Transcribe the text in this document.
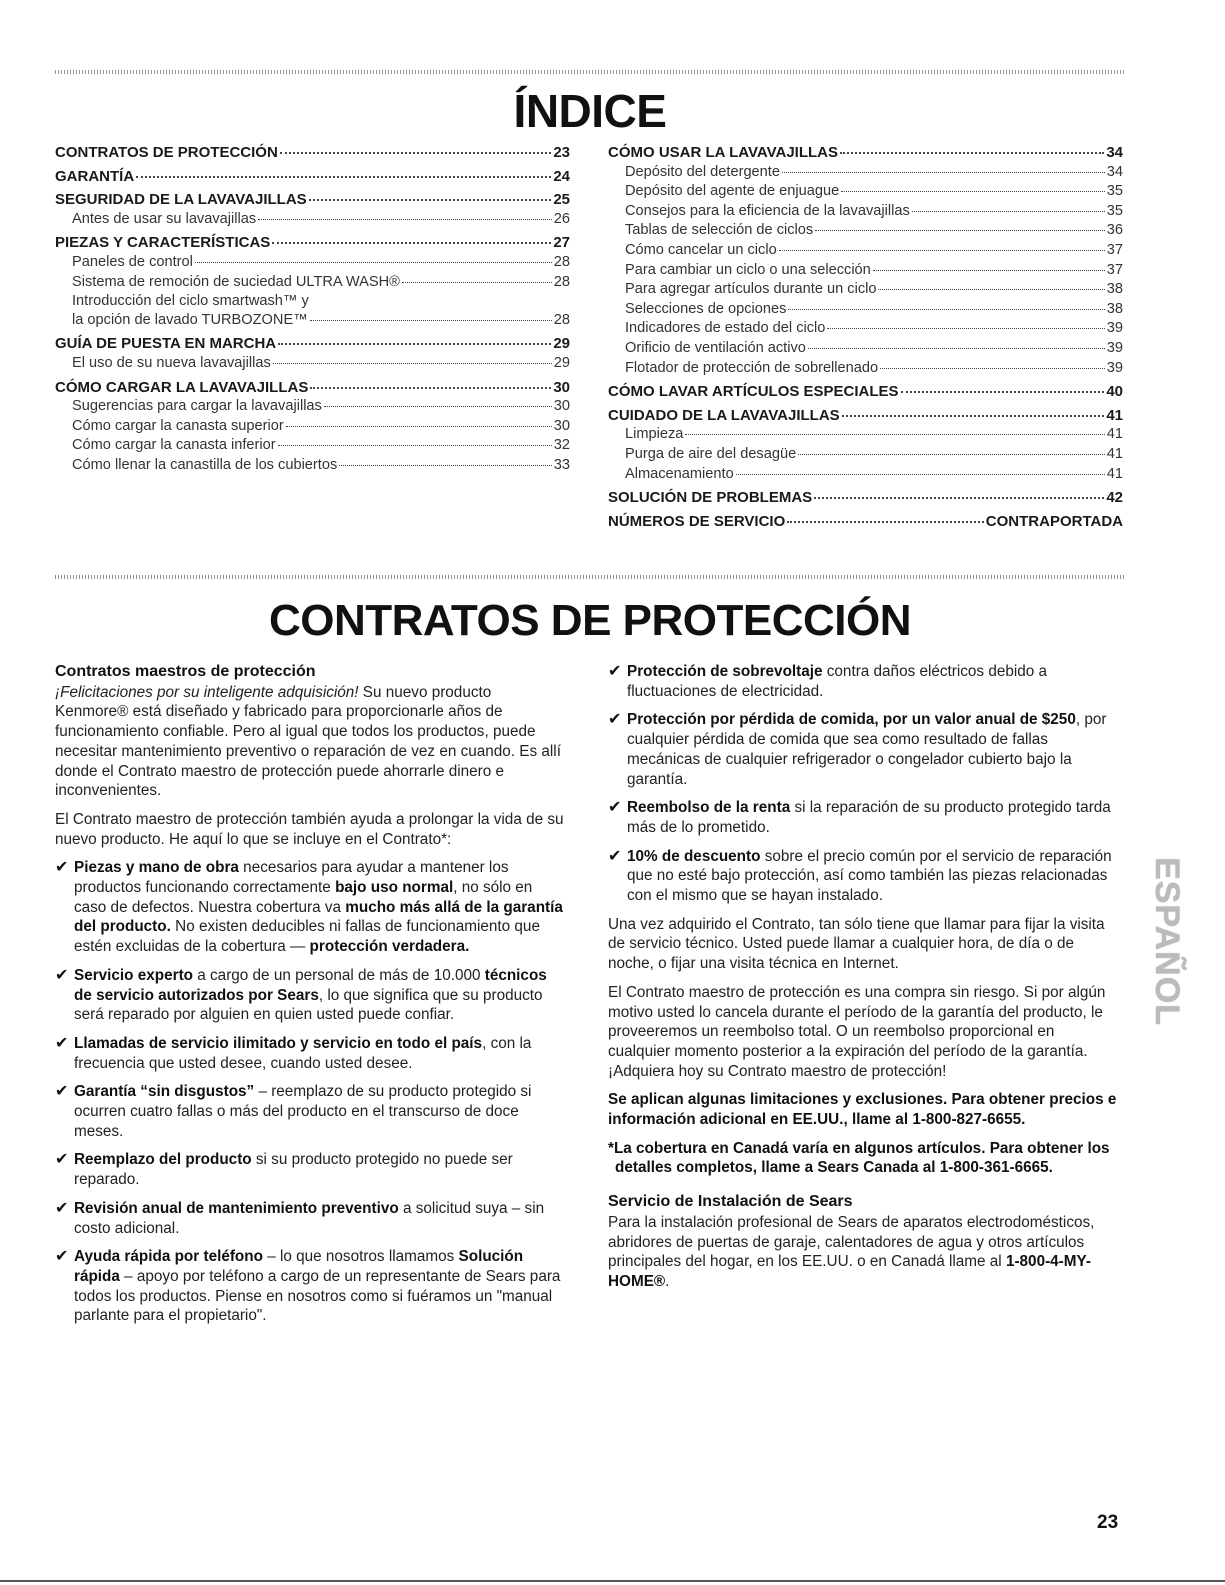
ÍNDICE
CONTRATOS DE PROTECCIÓN	23
GARANTÍA	24
SEGURIDAD DE LA LAVAVAJILLAS	25
Antes de usar su lavavajillas	26
PIEZAS Y CARACTERÍSTICAS	27
Paneles de control	28
Sistema de remoción de suciedad ULTRA WASH®	28
Introducción del ciclo smartwash™ y
la opción de lavado TURBOZONE™	28
GUÍA DE PUESTA EN MARCHA	29
El uso de su nueva lavavajillas	29
CÓMO CARGAR LA LAVAVAJILLAS	30
Sugerencias para cargar la lavavajillas	30
Cómo cargar la canasta superior	30
Cómo cargar la canasta inferior	32
Cómo llenar la canastilla de los cubiertos	33
CÓMO USAR LA LAVAVAJILLAS	34
Depósito del detergente	34
Depósito del agente de enjuague	35
Consejos para la eficiencia de la lavavajillas	35
Tablas de selección de ciclos	36
Cómo cancelar un ciclo	37
Para cambiar un ciclo o una selección	37
Para agregar artículos durante un ciclo	38
Selecciones de opciones	38
Indicadores de estado del ciclo	39
Orificio de ventilación activo	39
Flotador de protección de sobrellenado	39
CÓMO LAVAR ARTÍCULOS ESPECIALES	40
CUIDADO DE LA LAVAVAJILLAS	41
Limpieza	41
Purga de aire del desagüe	41
Almacenamiento	41
SOLUCIÓN DE PROBLEMAS	42
NÚMEROS DE SERVICIO	CONTRAPORTADA
CONTRATOS DE PROTECCIÓN
Contratos maestros de protección

¡Felicitaciones por su inteligente adquisición! Su nuevo producto Kenmore® está diseñado y fabricado para proporcionarle años de funcionamiento confiable. Pero al igual que todos los productos, puede necesitar mantenimiento preventivo o reparación de vez en cuando. Es allí donde el Contrato maestro de protección puede ahorrarle dinero e inconvenientes.

El Contrato maestro de protección también ayuda a prolongar la vida de su nuevo producto. He aquí lo que se incluye en el Contrato*:

✔ Piezas y mano de obra necesarios para ayudar a mantener los productos funcionando correctamente bajo uso normal, no sólo en caso de defectos. Nuestra cobertura va mucho más allá de la garantía del producto. No existen deducibles ni fallas de funcionamiento que estén excluidas de la cobertura — protección verdadera.
✔ Servicio experto a cargo de un personal de más de 10.000 técnicos de servicio autorizados por Sears, lo que significa que su producto será reparado por alguien en quien usted puede confiar.
✔ Llamadas de servicio ilimitado y servicio en todo el país, con la frecuencia que usted desee, cuando usted desee.
✔ Garantía “sin disgustos” – reemplazo de su producto protegido si ocurren cuatro fallas o más del producto en el transcurso de doce meses.
✔ Reemplazo del producto si su producto protegido no puede ser reparado.
✔ Revisión anual de mantenimiento preventivo a solicitud suya – sin costo adicional.
✔ Ayuda rápida por teléfono – lo que nosotros llamamos Solución rápida – apoyo por teléfono a cargo de un representante de Sears para todos los productos. Piense en nosotros como si fuéramos un "manual parlante para el propietario".
✔ Protección de sobrevoltaje contra daños eléctricos debido a fluctuaciones de electricidad.
✔ Protección por pérdida de comida, por un valor anual de $250, por cualquier pérdida de comida que sea como resultado de fallas mecánicas de cualquier refrigerador o congelador cubierto bajo la garantía.
✔ Reembolso de la renta si la reparación de su producto protegido tarda más de lo prometido.
✔ 10% de descuento sobre el precio común por el servicio de reparación que no esté bajo protección, así como también las piezas relacionadas con el mismo que se hayan instalado.

Una vez adquirido el Contrato, tan sólo tiene que llamar para fijar la visita de servicio técnico. Usted puede llamar a cualquier hora, de día o de noche, o fijar una visita técnica en Internet.

El Contrato maestro de protección es una compra sin riesgo. Si por algún motivo usted lo cancela durante el período de la garantía del producto, le proveeremos un reembolso total. O un reembolso proporcional en cualquier momento posterior a la expiración del período de la garantía. ¡Adquiera hoy su Contrato maestro de protección!

Se aplican algunas limitaciones y exclusiones. Para obtener precios e información adicional en EE.UU., llame al 1-800-827-6655.

*La cobertura en Canadá varía en algunos artículos. Para obtener los detalles completos, llame a Sears Canada al 1-800-361-6665.

Servicio de Instalación de Sears

Para la instalación profesional de Sears de aparatos electrodomésticos, abridores de puertas de garaje, calentadores de agua y otros artículos principales del hogar, en los EE.UU. o en Canadá llame al 1-800-4-MY-HOME®.

ESPAÑOL
23
